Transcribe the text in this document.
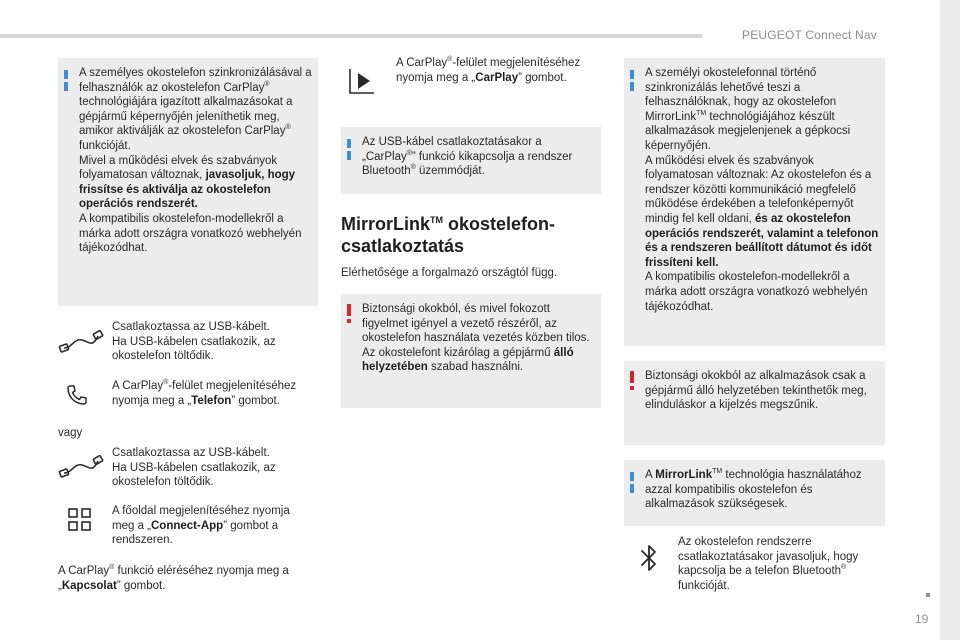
PEUGEOT Connect Nav
19
A személyes okostelefon szinkronizálásával a felhasználók az okostelefon CarPlay® technológiájára igazított alkalmazásokat a gépjármű képernyőjén jeleníthetik meg, amikor aktiválják az okostelefon CarPlay® funkcióját.
Mivel a működési elvek és szabványok folyamatosan változnak, javasoljuk, hogy frissítse és aktiválja az okostelefon operációs rendszerét.
A kompatibilis okostelefon-modellekről a márka adott országra vonatkozó webhelyén tájékozódhat.
Csatlakoztassa az USB-kábelt.
Ha USB-kábelen csatlakozik, az okostelefon töltődik.
A CarPlay®-felület megjelenítéséhez nyomja meg a „Telefon” gombot.
vagy
Csatlakoztassa az USB-kábelt.
Ha USB-kábelen csatlakozik, az okostelefon töltődik.
A főoldal megjelenítéséhez nyomja meg a „Connect-App” gombot a rendszeren.
A CarPlay® funkció eléréséhez nyomja meg a „Kapcsolat” gombot.
A CarPlay®-felület megjelenítéséhez nyomja meg a „CarPlay” gombot.
Az USB-kábel csatlakoztatásakor a „CarPlay®” funkció kikapcsolja a rendszer Bluetooth® üzemmódját.
MirrorLink™ okostelefon-csatlakoztatás
Elérhetősége a forgalmazó országtól függ.
Biztonsági okokból, és mivel fokozott figyelmet igényel a vezető részéről, az okostelefon használata vezetés közben tilos.
Az okostelefont kizárólag a gépjármű álló helyzetében szabad használni.
A személyi okostelefonnal történő szinkronizálás lehetővé teszi a felhasználóknak, hogy az okostelefon MirrorLink™ technológiájához készült alkalmazások megjelenjenek a gépkocsi képernyőjén.
A működési elvek és szabványok folyamatosan változnak: Az okostelefon és a rendszer közötti kommunikáció megfelelő működése érdekében a telefonképernyőt mindig fel kell oldani, és az okostelefon operációs rendszerét, valamint a telefonon és a rendszeren beállított dátumot és időt frissíteni kell.
A kompatibilis okostelefon-modellekről a márka adott országra vonatkozó webhelyén tájékozódhat.
Biztonsági okokból az alkalmazások csak a gépjármű álló helyzetében tekinthetők meg, elinduláskor a kijelzés megszűnik.
A MirrorLink™ technológia használatához azzal kompatibilis okostelefon és alkalmazások szükségesek.
Az okostelefon rendszerre csatlakoztatásakor javasoljuk, hogy kapcsolja be a telefon Bluetooth® funkcióját.
